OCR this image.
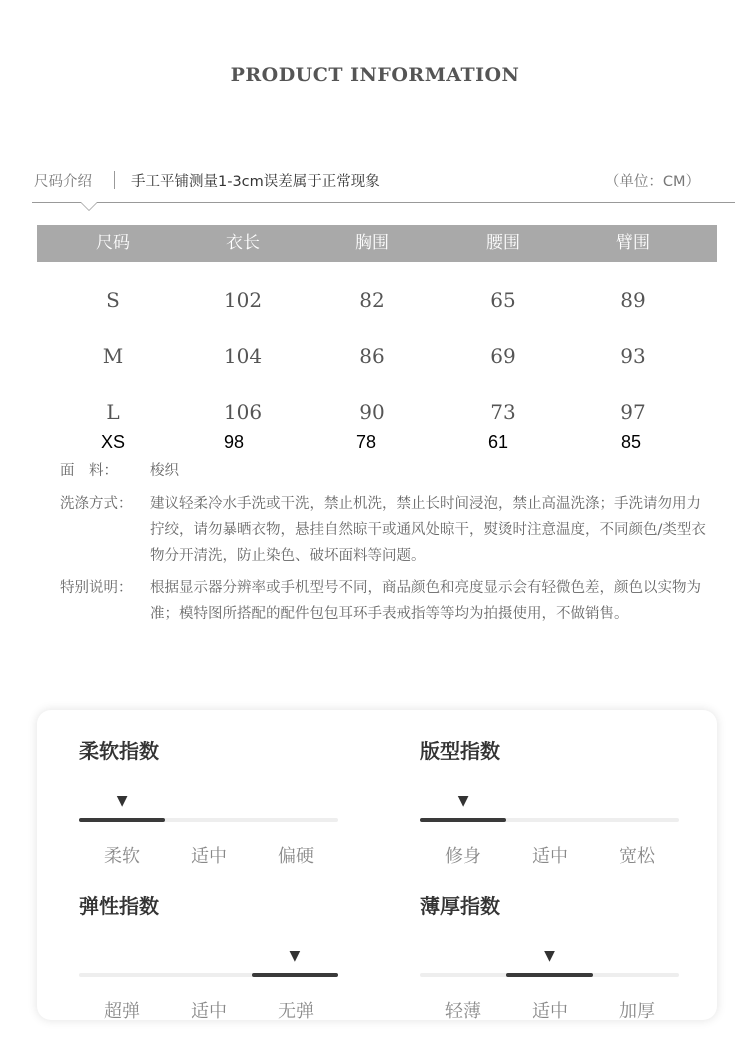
PRODUCT INFORMATION
尺码介绍	手工平铺测量1-3cm误差属于正常现象	（单位：CM）
尺码	衣长	胸围	腰围	臂围
S	102	82	65	89
M	104	86	69	93
L	106	90	73	97
XS	98	78	61	85
面　料：	梭织
洗涤方式：	建议轻柔冷水手洗或干洗，禁止机洗，禁止长时间浸泡，禁止高温洗涤；手洗请勿用力拧绞，请勿暴晒衣物，悬挂自然晾干或通风处晾干，熨烫时注意温度，不同颜色/类型衣物分开清洗，防止染色、破坏面料等问题。
特别说明：	根据显示器分辨率或手机型号不同，商品颜色和亮度显示会有轻微色差，颜色以实物为准；模特图所搭配的配件包包耳环手表戒指等等均为拍摄使用，不做销售。
柔软指数
▼
柔软	适中	偏硬
版型指数
▼
修身	适中	宽松
弹性指数
▼
超弹	适中	无弹
薄厚指数
▼
轻薄	适中	加厚
